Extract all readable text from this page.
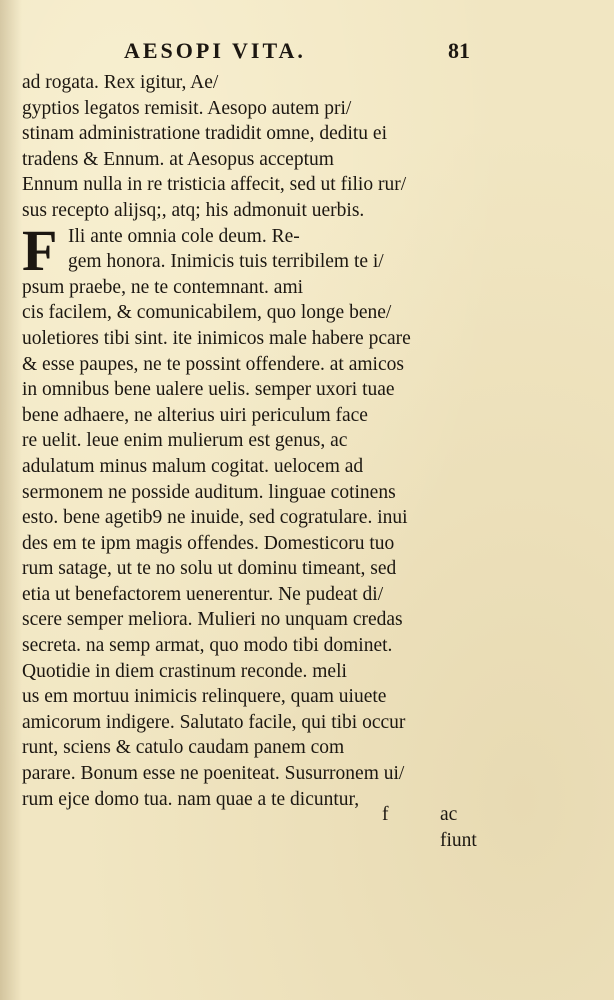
AESOPI VITA.	81
F
ad rogata. Rex igitur, Ae/
gyptios legatos remisit. Aesopo autem pri/
stinam administratione tradidit omne, deditu ei
tradens & Ennum. at Aesopus acceptum
Ennum nulla in re tristicia affecit, sed ut filio rur/
sus recepto alijsq;, atq; his admonuit uerbis.
Ili ante omnia cole deum. Re-
gem honora. Inimicis tuis terribilem te i/
psum praebe, ne te contemnant. ami
cis facilem, & comunicabilem, quo longe bene/
uoletiores tibi sint. ite inimicos male habere pcare
& esse paupes, ne te possint offendere. at amicos
in omnibus bene ualere uelis. semper uxori tuae
bene adhaere, ne alterius uiri periculum face
re uelit. leue enim mulierum est genus, ac
adulatum minus malum cogitat. uelocem ad
sermonem ne posside auditum. linguae cotinens
esto. bene agetib9 ne inuide, sed cogratulare. inui
des em te ipm magis offendes. Domesticoru tuo
rum satage, ut te no solu ut dominu timeant, sed
etia ut benefactorem uenerentur. Ne pudeat di/
scere semper meliora. Mulieri no unquam credas
secreta. na semp armat, quo modo tibi dominet.
Quotidie in diem crastinum reconde. meli
us em mortuu inimicis relinquere, quam uiuete
amicorum indigere. Salutato facile, qui tibi occur
runt, sciens & catulo caudam panem com
parare. Bonum esse ne poeniteat. Susurronem ui/
rum ejce domo tua. nam quae a te dicuntur,
f	ac fiunt
